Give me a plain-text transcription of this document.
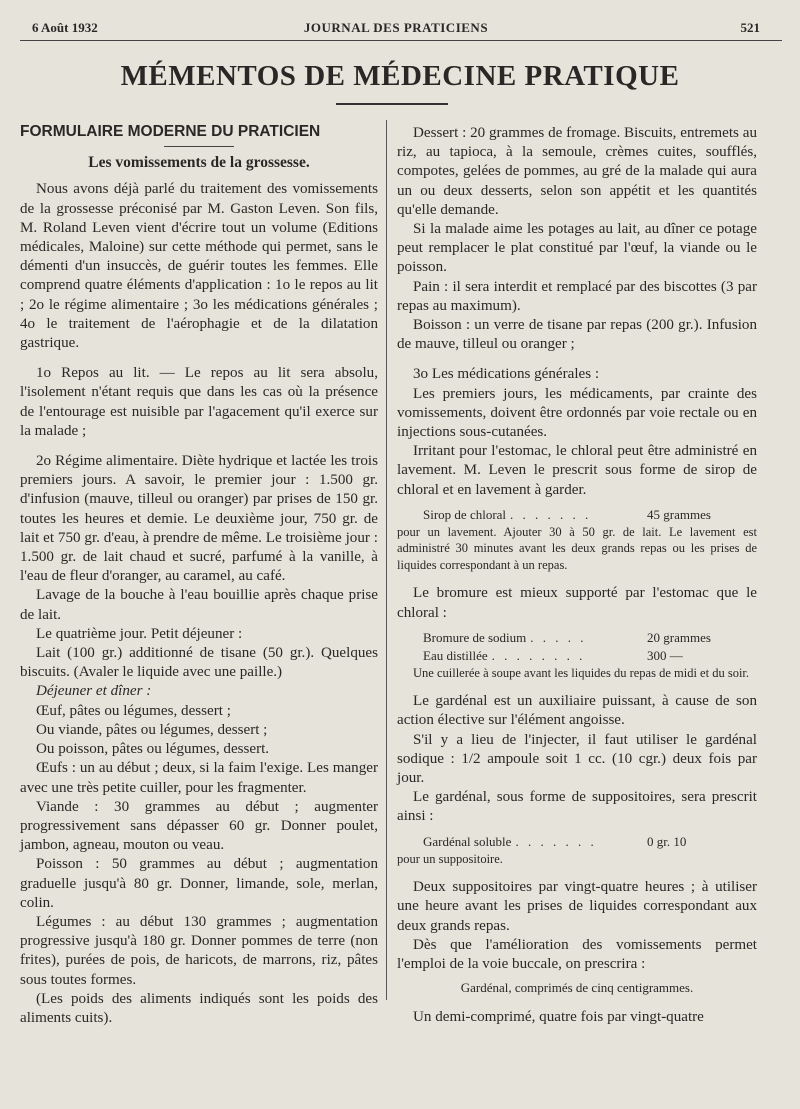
6 Août 1932	JOURNAL DES PRATICIENS	521
MÉMENTOS DE MÉDECINE PRATIQUE
FORMULAIRE MODERNE DU PRATICIEN
Les vomissements de la grossesse.

Nous avons déjà parlé du traitement des vomissements de la grossesse préconisé par M. Gaston Leven. Son fils, M. Roland Leven vient d'écrire tout un volume (Editions médicales, Maloine) sur cette méthode qui permet, sans le démenti d'un insuccès, de guérir toutes les femmes. Elle comprend quatre éléments d'application : 1o le repos au lit ; 2o le régime alimentaire ; 3o les médications générales ; 4o le traitement de l'aérophagie et de la dilatation gastrique.

1o Repos au lit. — Le repos au lit sera absolu, l'isolement n'étant requis que dans les cas où la présence de l'entourage est nuisible par l'agacement qu'il exerce sur la malade ;

2o Régime alimentaire. Diète hydrique et lactée les trois premiers jours. A savoir, le premier jour : 1.500 gr. d'infusion (mauve, tilleul ou oranger) par prises de 150 gr. toutes les heures et demie. Le deuxième jour, 750 gr. de lait et 750 gr. d'eau, à prendre de même. Le troisième jour : 1.500 gr. de lait chaud et sucré, parfumé à la vanille, à l'eau de fleur d'oranger, au caramel, au café.

Lavage de la bouche à l'eau bouillie après chaque prise de lait.

Le quatrième jour. Petit déjeuner :

Lait (100 gr.) additionné de tisane (50 gr.). Quelques biscuits. (Avaler le liquide avec une paille.)

Déjeuner et dîner :

Œuf, pâtes ou légumes, dessert ;

Ou viande, pâtes ou légumes, dessert ;

Ou poisson, pâtes ou légumes, dessert.

Œufs : un au début ; deux, si la faim l'exige. Les manger avec une très petite cuiller, pour les fragmenter.

Viande : 30 grammes au début ; augmenter progressivement sans dépasser 60 gr. Donner poulet, jambon, agneau, mouton ou veau.

Poisson : 50 grammes au début ; augmentation graduelle jusqu'à 80 gr. Donner, limande, sole, merlan, colin.

Légumes : au début 130 grammes ; augmentation progressive jusqu'à 180 gr. Donner pommes de terre (non frites), purées de pois, de haricots, de marrons, riz, pâtes sous toutes formes.

(Les poids des aliments indiqués sont les poids des aliments cuits).

Dessert : 20 grammes de fromage. Biscuits, entremets au riz, au tapioca, à la semoule, crèmes cuites, soufflés, compotes, gelées de pommes, au gré de la malade qui aura un ou deux desserts, selon son appétit et les quantités qu'elle demande.

Si la malade aime les potages au lait, au dîner ce potage peut remplacer le plat constitué par l'œuf, la viande ou le poisson.

Pain : il sera interdit et remplacé par des biscottes (3 par repas au maximum).

Boisson : un verre de tisane par repas (200 gr.). Infusion de mauve, tilleul ou oranger ;

3o Les médications générales :

Les premiers jours, les médicaments, par crainte des vomissements, doivent être ordonnés par voie rectale ou en injections sous-cutanées.

Irritant pour l'estomac, le chloral peut être administré en lavement. M. Leven le prescrit sous forme de sirop de chloral et en lavement à garder.

Sirop de chloral . . . . . . .	45 grammes

pour un lavement. Ajouter 30 à 50 gr. de lait. Le lavement est administré 30 minutes avant les deux grands repas ou les prises de liquides correspondant à un repas.

Le bromure est mieux supporté par l'estomac que le chloral :

Bromure de sodium . . . . .	20 grammes
Eau distillée . . . . . . . .	300 —

Une cuillerée à soupe avant les liquides du repas de midi et du soir.

Le gardénal est un auxiliaire puissant, à cause de son action élective sur l'élément angoisse.

S'il y a lieu de l'injecter, il faut utiliser le gardénal sodique : 1/2 ampoule soit 1 cc. (10 cgr.) deux fois par jour.

Le gardénal, sous forme de suppositoires, sera prescrit ainsi :

Gardénal soluble . . . . . . .	0 gr. 10

pour un suppositoire.

Deux suppositoires par vingt-quatre heures ; à utiliser une heure avant les prises de liquides correspondant aux deux grands repas.

Dès que l'amélioration des vomissements permet l'emploi de la voie buccale, on prescrira :

Gardénal, comprimés de cinq centigrammes.

Un demi-comprimé, quatre fois par vingt-quatre
